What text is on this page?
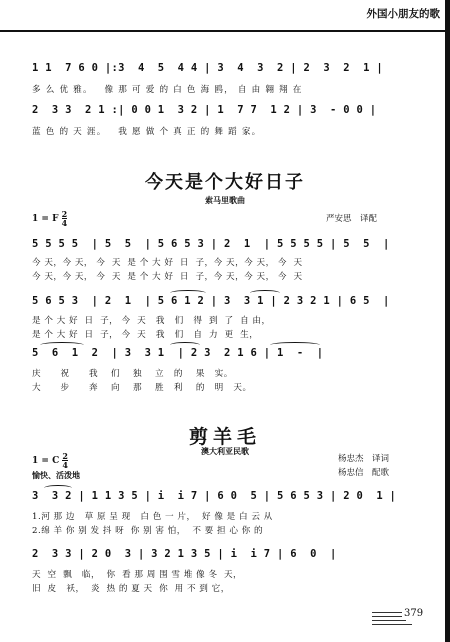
外国小朋友的歌
1 1  7 6 0 |:3  4  5  4 4 | 3  4  3  2 | 2  3  2  1 |
多 么 优 雅。   像 那 可 爱 的 白 色 海 鸥， 自 由 翱 翔 在
2  3 3  2 1 :| 0 0 1  3 2 | 1  7 7  1 2 | 3  - 0 0 |
蓝 色 的 天 涯。   我 愿 做 个 真 正 的 舞 蹈 家。
今天是个大好日子
索马里歌曲
1 = F $\frac{2}{4}$	严安思　译配
5 5 5 5  | 5  5  | 5 6 5 3 | 2  1  | 5 5 5 5 | 5  5  |
今 天，今 天， 今  天  是 个 大 好  日  子，今 天，今 天， 今  天
今 天，今 天， 今  天  是 个 大 好  日  子，今 天，今 天， 今  天
5 6 5 3  | 2  1  | 5 6 1 2 | 3  3 1 | 2 3 2 1 | 6 5  |
是 个 大 好  日  子， 今  天   我   们   得  到  了  自 由，
是 个 大 好  日  子， 今  天   我   们   自  力  更  生，
5  6  1  2  | 3  3 1  | 2 3  2 1 6 | 1  -  |
庆      祝      我    们    独    立   的    果   实。
大      步      奔    向    那    胜   利    的   明   天。
剪羊毛
澳大利亚民歌
1 = C $\frac{2}{4}$
愉快、活泼地
杨忠杰　译词
杨忠信　配歌
3  3 2 | 1 1 3 5 | i  i 7 | 6 0  5 | 5 6 5 3 | 2 0  1 |
1.河 那 边   草 原 呈 现   白 色 一 片，  好 像 是 白 云 从
2.绵 羊 你 别 发 抖 呀  你 别 害 怕，  不 要 担 心 你 的
2  3 3 | 2 0  3 | 3 2 1 3 5 | i  i 7 | 6  0  |
天  空  飘   临，  你  看 那 周 围 雪 堆 像 冬  天，
旧  皮   袄，  炎  热 的 夏 天  你  用 不 到 它，
379
